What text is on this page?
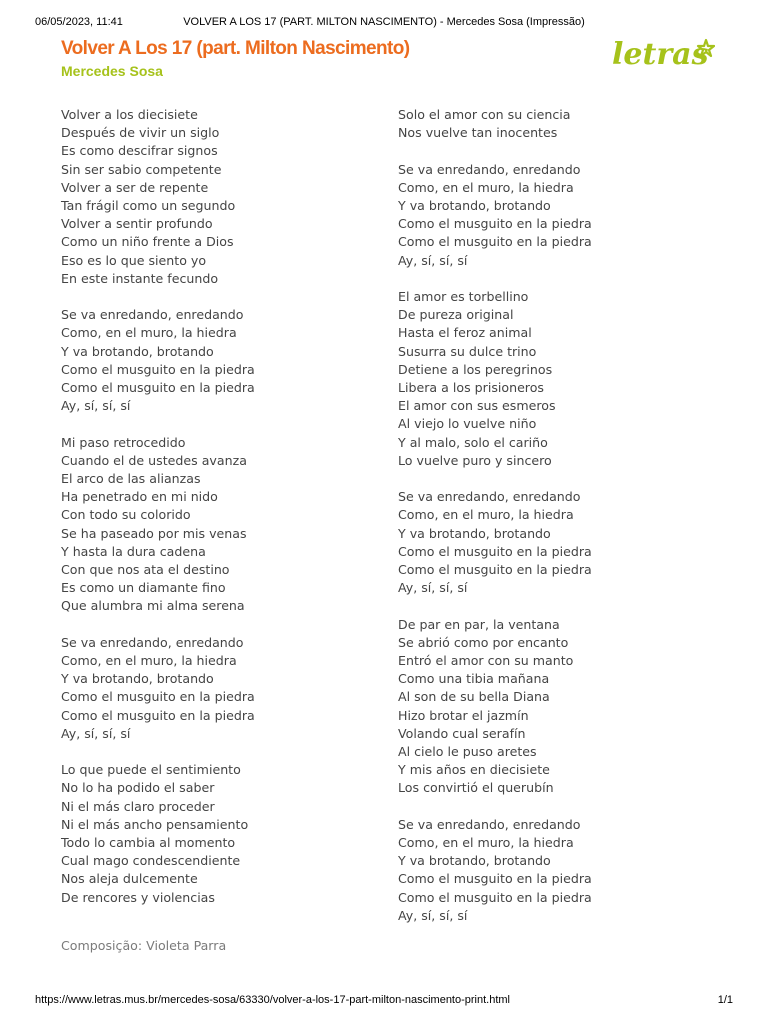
06/05/2023, 11:41	VOLVER A LOS 17 (PART. MILTON NASCIMENTO) - Mercedes Sosa (Impressão)
Volver A Los 17 (part. Milton Nascimento)
Mercedes Sosa	letras
Volver a los diecisiete
Después de vivir un siglo
Es como descifrar signos
Sin ser sabio competente
Volver a ser de repente
Tan frágil como un segundo
Volver a sentir profundo
Como un niño frente a Dios
Eso es lo que siento yo
En este instante fecundo
Se va enredando, enredando
Como, en el muro, la hiedra
Y va brotando, brotando
Como el musguito en la piedra
Como el musguito en la piedra
Ay, sí, sí, sí
Mi paso retrocedido
Cuando el de ustedes avanza
El arco de las alianzas
Ha penetrado en mi nido
Con todo su colorido
Se ha paseado por mis venas
Y hasta la dura cadena
Con que nos ata el destino
Es como un diamante fino
Que alumbra mi alma serena
Se va enredando, enredando
Como, en el muro, la hiedra
Y va brotando, brotando
Como el musguito en la piedra
Como el musguito en la piedra
Ay, sí, sí, sí
Lo que puede el sentimiento
No lo ha podido el saber
Ni el más claro proceder
Ni el más ancho pensamiento
Todo lo cambia al momento
Cual mago condescendiente
Nos aleja dulcemente
De rencores y violencias
Solo el amor con su ciencia
Nos vuelve tan inocentes
Se va enredando, enredando
Como, en el muro, la hiedra
Y va brotando, brotando
Como el musguito en la piedra
Como el musguito en la piedra
Ay, sí, sí, sí
El amor es torbellino
De pureza original
Hasta el feroz animal
Susurra su dulce trino
Detiene a los peregrinos
Libera a los prisioneros
El amor con sus esmeros
Al viejo lo vuelve niño
Y al malo, solo el cariño
Lo vuelve puro y sincero
Se va enredando, enredando
Como, en el muro, la hiedra
Y va brotando, brotando
Como el musguito en la piedra
Como el musguito en la piedra
Ay, sí, sí, sí
De par en par, la ventana
Se abrió como por encanto
Entró el amor con su manto
Como una tibia mañana
Al son de su bella Diana
Hizo brotar el jazmín
Volando cual serafín
Al cielo le puso aretes
Y mis años en diecisiete
Los convirtió el querubín
Se va enredando, enredando
Como, en el muro, la hiedra
Y va brotando, brotando
Como el musguito en la piedra
Como el musguito en la piedra
Ay, sí, sí, sí
Composição: Violeta Parra
https://www.letras.mus.br/mercedes-sosa/63330/volver-a-los-17-part-milton-nascimento-print.html	1/1
